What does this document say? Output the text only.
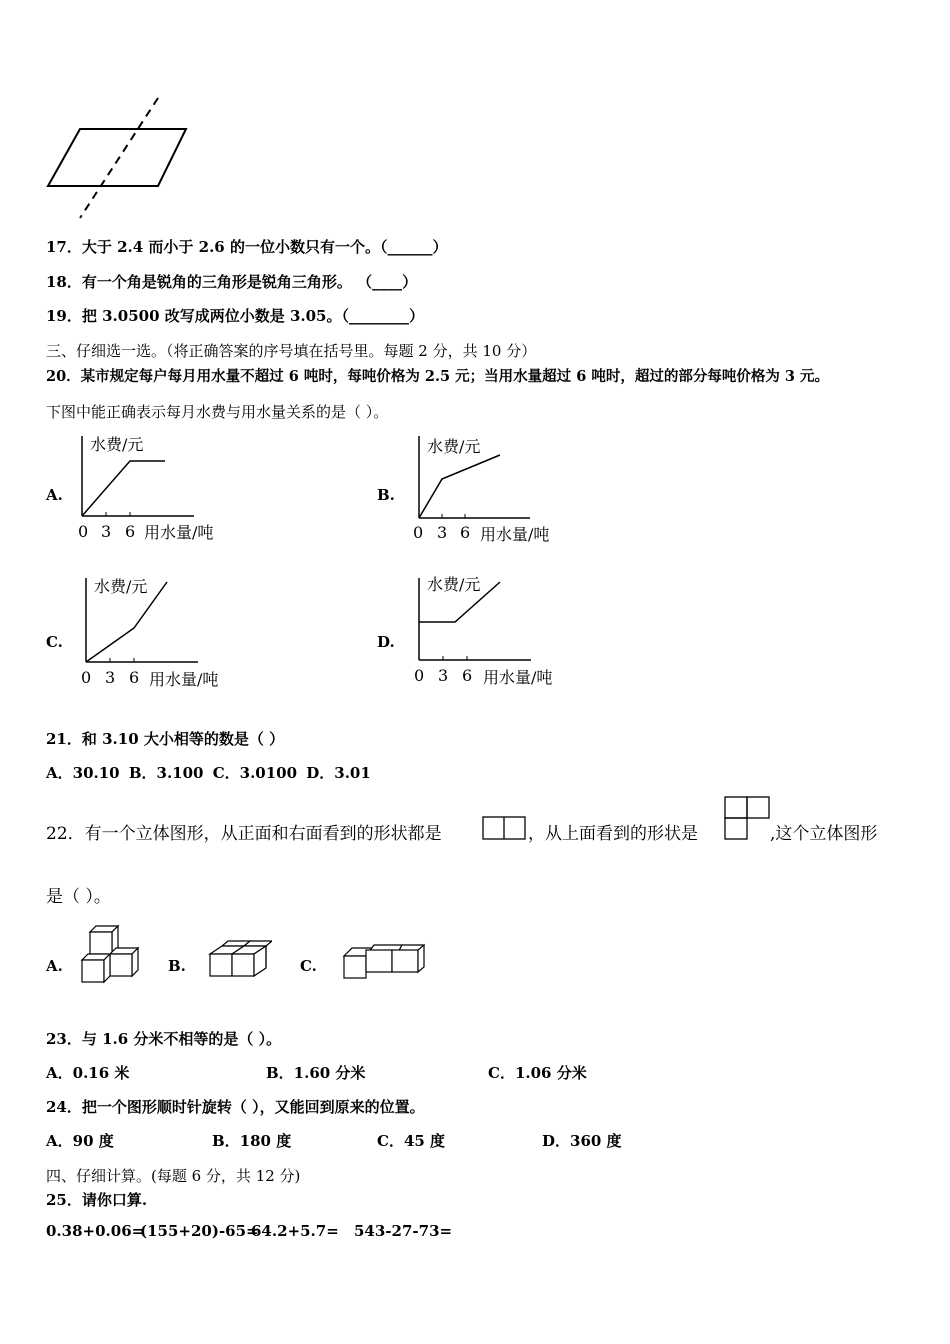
17．大于 2.4 而小于 2.6 的一位小数只有一个。（______）
18．有一个角是锐角的三角形是锐角三角形。 （____）
19．把 3.0500 改写成两位小数是 3.05。（________）
三、仔细选一选。（将正确答案的序号填在括号里。每题 2 分，共 10 分）
20．某市规定每户每月用水量不超过 6 吨时，每吨价格为 2.5 元；当用水量超过 6 吨时，超过的部分每吨价格为 3 元。
下图中能正确表示每月水费与用水量关系的是（ ）。
A.
水费/元
0 3 6 用水量/吨
B.
水费/元
0 3 6 用水量/吨
C.
水费/元
0 3 6 用水量/吨
D.
水费/元
0 3 6 用水量/吨
21．和 3.10 大小相等的数是（ ）
A．30.10 B．3.100 C．3.0100 D．3.01
22．有一个立体图形，从正面和右面看到的形状都是	，从上面看到的形状是	,这个立体图形
是（ ）。
A.	B.	C.
23．与 1.6 分米不相等的是（ ）。
A．0.16 米	B．1.60 分米	C．1.06 分米
24．把一个图形顺时针旋转（ ），又能回到原来的位置。
A．90 度	B．180 度	C．45 度	D．360 度
四、仔细计算。(每题 6 分，共 12 分)
25．请你口算.
0.38+0.06=
(155+20)-65=
64.2+5.7= 543-27-73=
